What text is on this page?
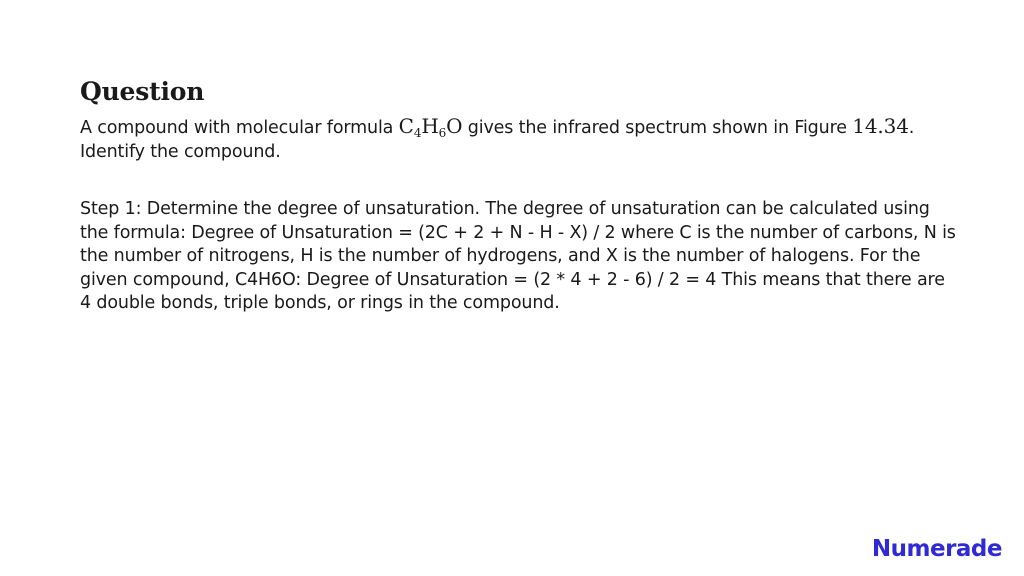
Question

A compound with molecular formula $C_4H_6O$ gives the infrared spectrum shown in Figure 14.34. Identify the compound.

Step 1: Determine the degree of unsaturation. The degree of unsaturation can be calculated using the formula: Degree of Unsaturation = (2C + 2 + N - H - X) / 2 where C is the number of carbons, N is the number of nitrogens, H is the number of hydrogens, and X is the number of halogens. For the given compound, C4H6O: Degree of Unsaturation = (2 * 4 + 2 - 6) / 2 = 4 This means that there are 4 double bonds, triple bonds, or rings in the compound.

Numerade
